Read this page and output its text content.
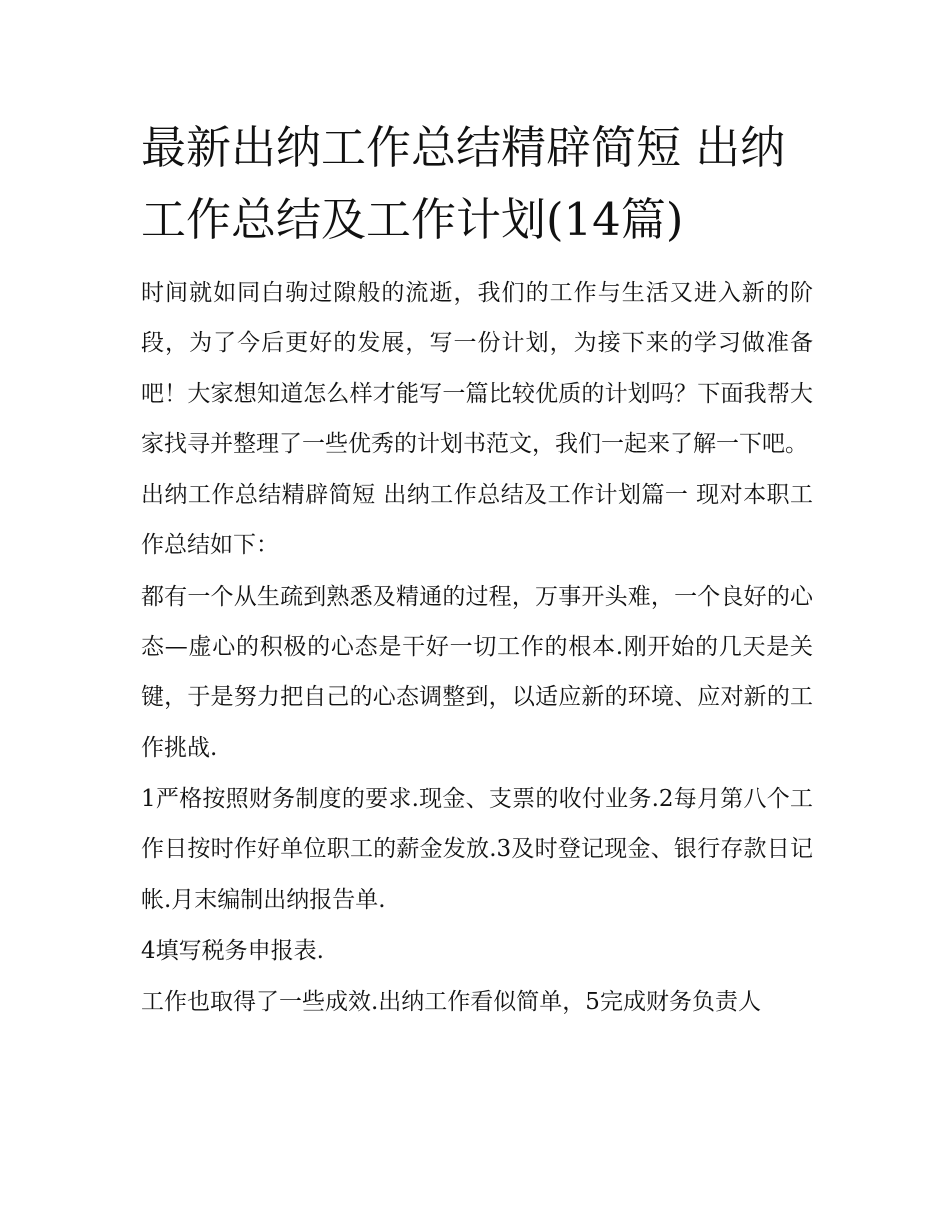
最新出纳工作总结精辟简短 出纳工作总结及工作计划(14篇)

时间就如同白驹过隙般的流逝，我们的工作与生活又进入新的阶段，为了今后更好的发展，写一份计划，为接下来的学习做准备吧！大家想知道怎么样才能写一篇比较优质的计划吗？下面我帮大家找寻并整理了一些优秀的计划书范文，我们一起来了解一下吧。

出纳工作总结精辟简短 出纳工作总结及工作计划篇一 现对本职工作总结如下：

都有一个从生疏到熟悉及精通的过程，万事开头难，一个良好的心态—虚心的积极的心态是干好一切工作的根本.刚开始的几天是关键，于是努力把自己的心态调整到，以适应新的环境、应对新的工作挑战.

1严格按照财务制度的要求.现金、支票的收付业务.2每月第八个工作日按时作好单位职工的薪金发放.3及时登记现金、银行存款日记帐.月末编制出纳报告单.

4填写税务申报表.

工作也取得了一些成效.出纳工作看似简单，5完成财务负责人
